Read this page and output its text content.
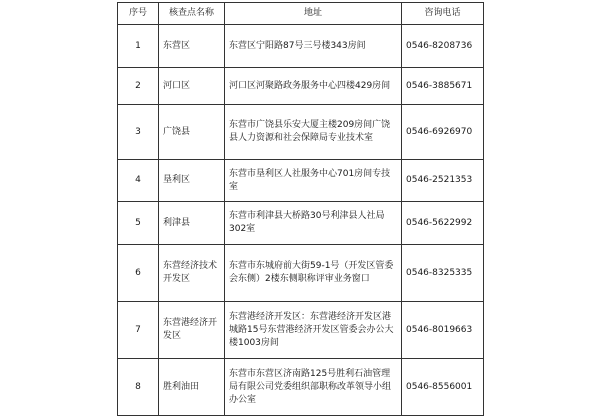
序号	核查点名称	地址	咨询电话
1	东营区	东营区宁阳路87号三号楼343房间	0546-8208736
2	河口区	河口区河聚路政务服务中心四楼429房间	0546-3885671
3	广饶县	东营市广饶县乐安大厦主楼209房间广饶县人力资源和社会保障局专业技术室	0546-6926970
4	垦利区	东营市垦利区人社服务中心701房间专技室	0546-2521353
5	利津县	东营市利津县大桥路30号利津县人社局302室	0546-5622992
6	东营经济技术开发区	东营市东城府前大街59-1号（开发区管委会东侧）2楼东侧职称评审业务窗口	0546-8325335
7	东营港经济开发区	东营港经济开发区：东营港经济开发区港城路15号东营港经济开发区管委会办公大楼1003房间	0546-8019663
8	胜利油田	东营市东营区济南路125号胜利石油管理局有限公司党委组织部职称改革领导小组办公室	0546-8556001
